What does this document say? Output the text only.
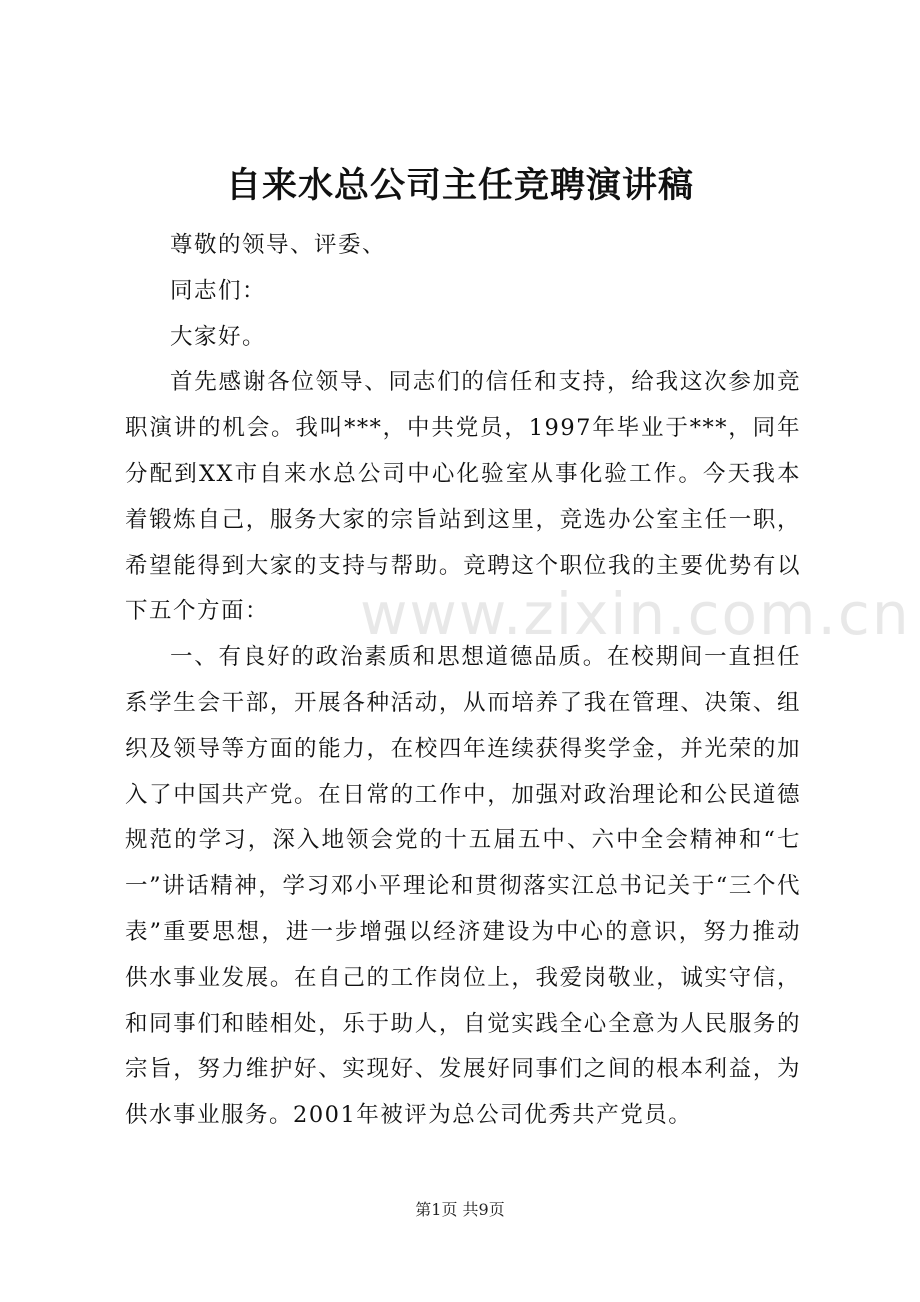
自来水总公司主任竞聘演讲稿
www.zixin.com.cn

尊敬的领导、评委、

同志们：

大家好。

首先感谢各位领导、同志们的信任和支持，给我这次参加竞职演讲的机会。我叫***，中共党员，1997年毕业于***，同年分配到XX市自来水总公司中心化验室从事化验工作。今天我本着锻炼自己，服务大家的宗旨站到这里，竞选办公室主任一职，希望能得到大家的支持与帮助。竞聘这个职位我的主要优势有以下五个方面：

一、有良好的政治素质和思想道德品质。在校期间一直担任系学生会干部，开展各种活动，从而培养了我在管理、决策、组织及领导等方面的能力，在校四年连续获得奖学金，并光荣的加入了中国共产党。在日常的工作中，加强对政治理论和公民道德规范的学习，深入地领会党的十五届五中、六中全会精神和“七一”讲话精神，学习邓小平理论和贯彻落实江总书记关于“三个代表”重要思想，进一步增强以经济建设为中心的意识，努力推动供水事业发展。在自己的工作岗位上，我爱岗敬业，诚实守信，和同事们和睦相处，乐于助人，自觉实践全心全意为人民服务的宗旨，努力维护好、实现好、发展好同事们之间的根本利益，为供水事业服务。2001年被评为总公司优秀共产党员。

第1页 共9页
